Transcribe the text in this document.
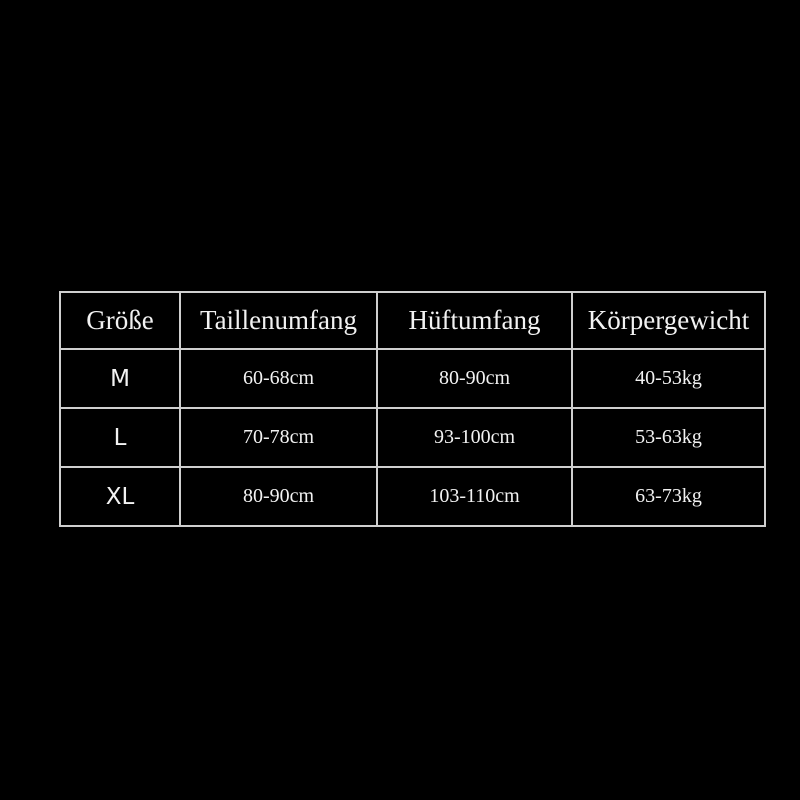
Größe	Taillenumfang	Hüftumfang	Körpergewicht
M	60-68cm	80-90cm	40-53kg
L	70-78cm	93-100cm	53-63kg
XL	80-90cm	103-110cm	63-73kg
